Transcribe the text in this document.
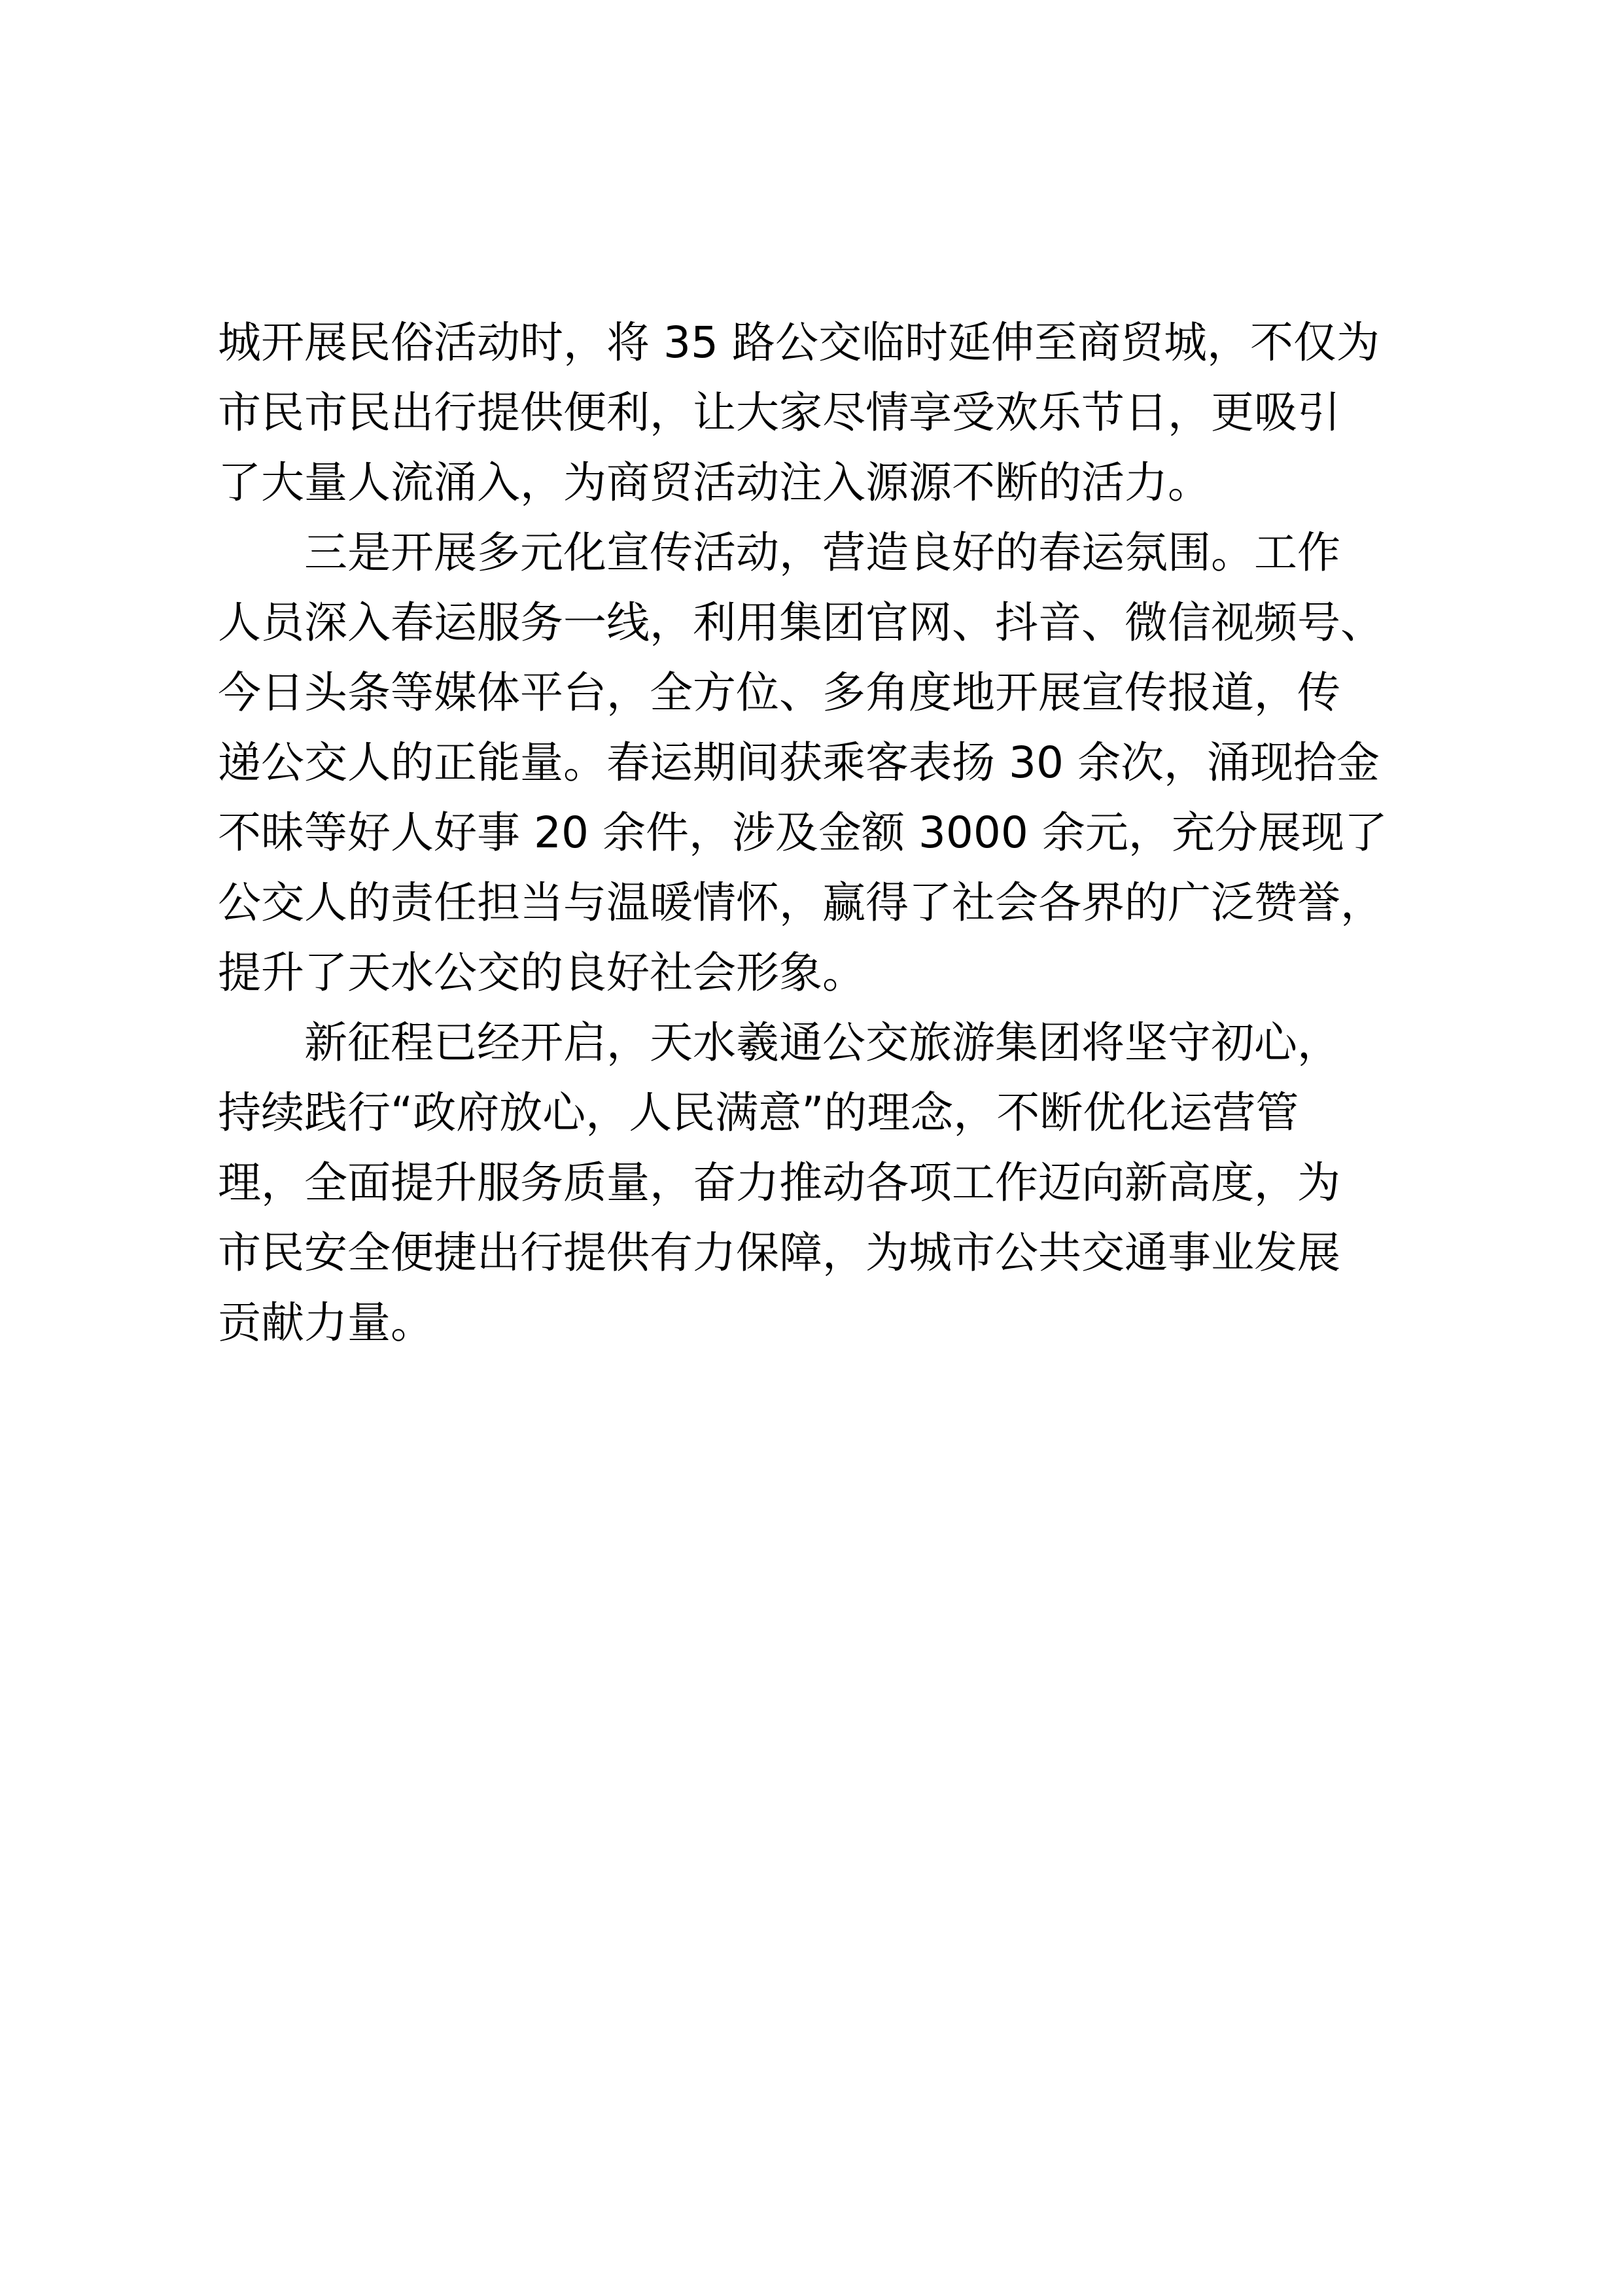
城开展民俗活动时，将 35 路公交临时延伸至商贸城，不仅为
市民市民出行提供便利，让大家尽情享受欢乐节日，更吸引
了大量人流涌入，为商贸活动注入源源不断的活力。
三是开展多元化宣传活动，营造良好的春运氛围。工作
人员深入春运服务一线，利用集团官网、抖音、微信视频号、
今日头条等媒体平台，全方位、多角度地开展宣传报道，传
递公交人的正能量。春运期间获乘客表扬 30 余次，涌现拾金
不昧等好人好事 20 余件，涉及金额 3000 余元，充分展现了
公交人的责任担当与温暖情怀，赢得了社会各界的广泛赞誉，
提升了天水公交的良好社会形象。
新征程已经开启，天水羲通公交旅游集团将坚守初心，
持续践行“政府放心，人民满意”的理念，不断优化运营管
理，全面提升服务质量，奋力推动各项工作迈向新高度，为
市民安全便捷出行提供有力保障，为城市公共交通事业发展
贡献力量。
